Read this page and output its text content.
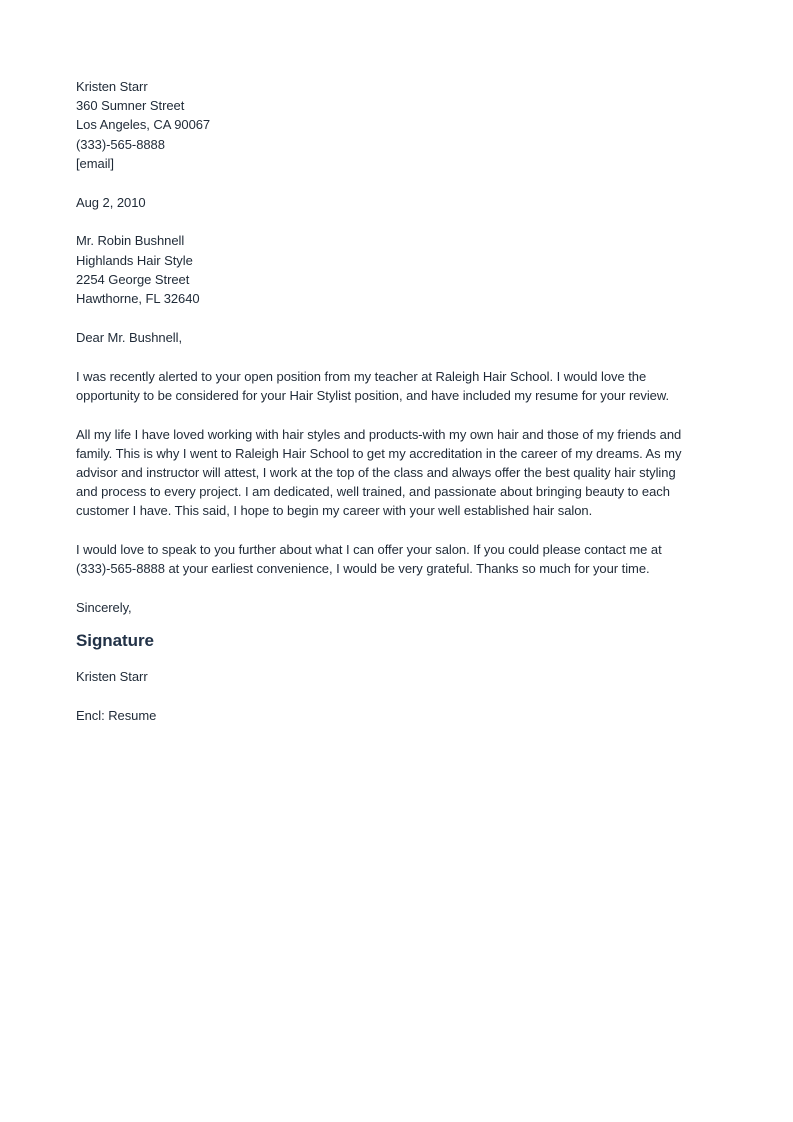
Kristen Starr
360 Sumner Street
Los Angeles, CA 90067
(333)-565-8888
[email]
Aug 2, 2010
Mr. Robin Bushnell
Highlands Hair Style
2254 George Street
Hawthorne, FL 32640
Dear Mr. Bushnell,
I was recently alerted to your open position from my teacher at Raleigh Hair School. I would love the
opportunity to be considered for your Hair Stylist position, and have included my resume for your review.
All my life I have loved working with hair styles and products-with my own hair and those of my friends and
family. This is why I went to Raleigh Hair School to get my accreditation in the career of my dreams. As my
advisor and instructor will attest, I work at the top of the class and always offer the best quality hair styling
and process to every project. I am dedicated, well trained, and passionate about bringing beauty to each
customer I have. This said, I hope to begin my career with your well established hair salon.
I would love to speak to you further about what I can offer your salon. If you could please contact me at
(333)-565-8888 at your earliest convenience, I would be very grateful. Thanks so much for your time.
Sincerely,
Signature
Kristen Starr
Encl: Resume
